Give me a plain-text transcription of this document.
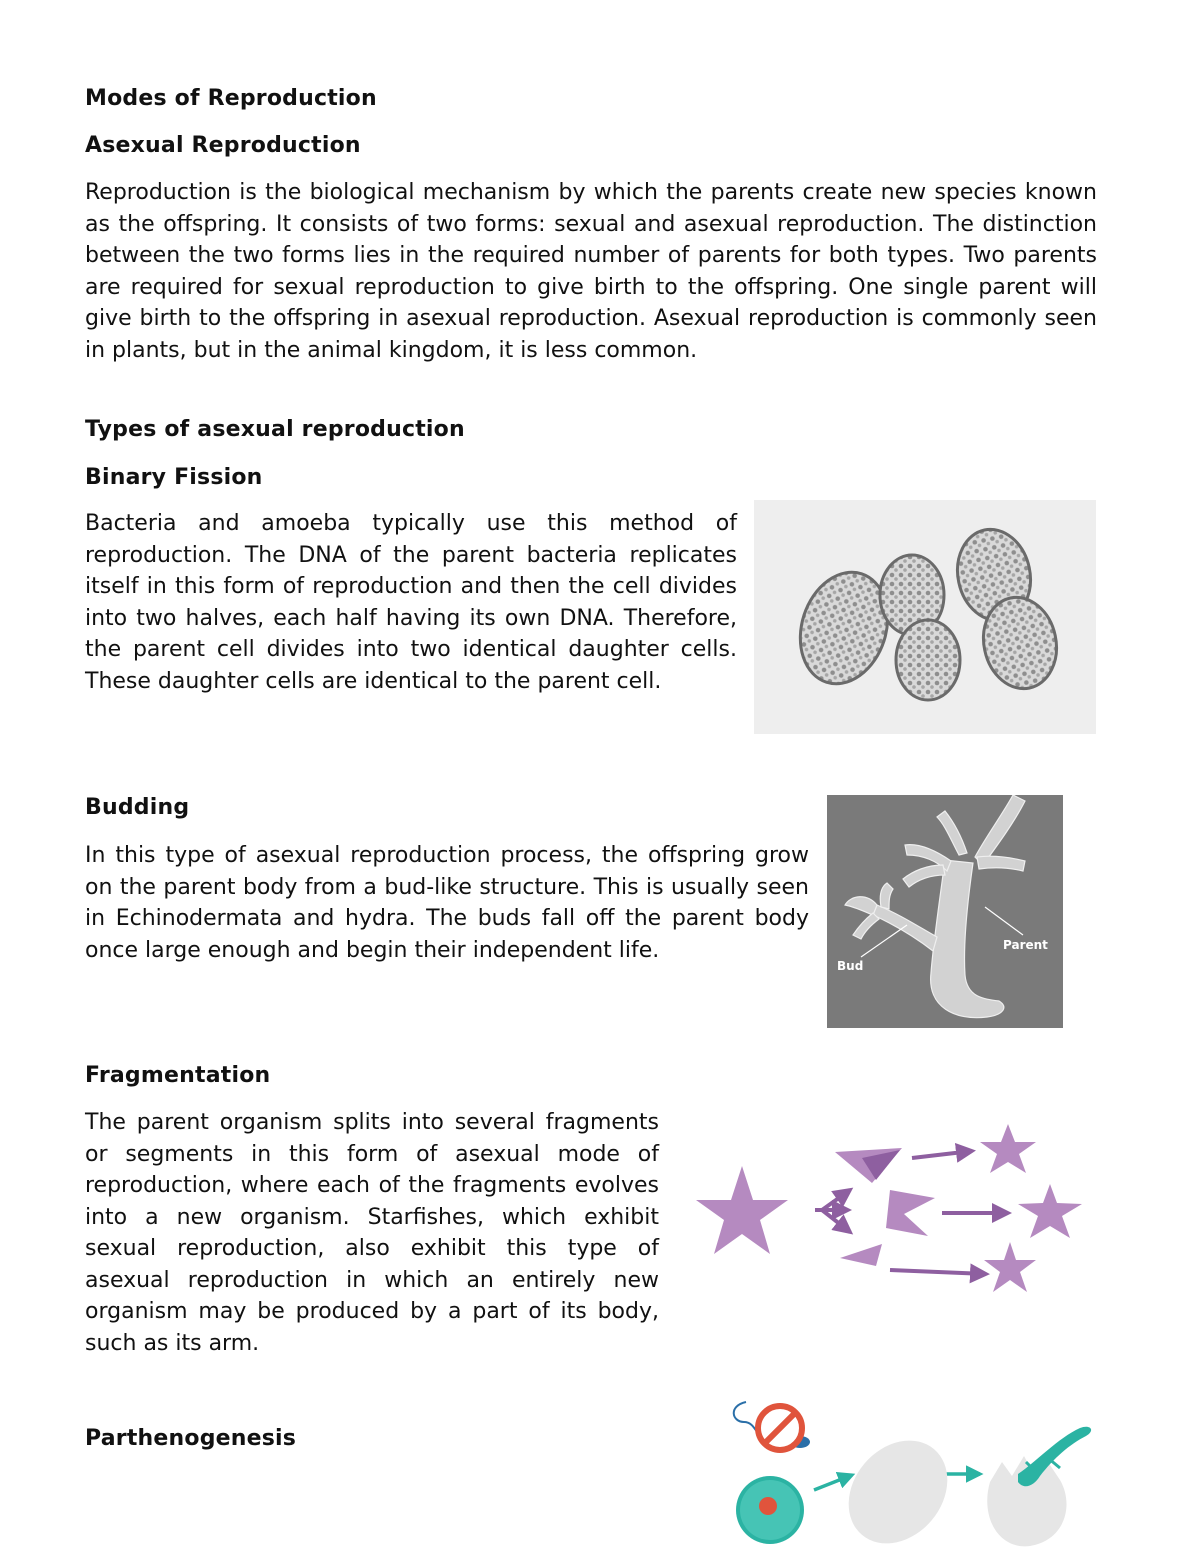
Modes of Reproduction
Asexual Reproduction

Reproduction is the biological mechanism by which the parents create new species known as the offspring. It consists of two forms: sexual and asexual reproduction. The distinction between the two forms lies in the required number of parents for both types. Two parents are required for sexual reproduction to give birth to the offspring. One single parent will give birth to the offspring in asexual reproduction. Asexual reproduction is commonly seen in plants, but in the animal kingdom, it is less common.

Types of asexual reproduction
Binary Fission

Bacteria and amoeba typically use this method of reproduction. The DNA of the parent bacteria replicates itself in this form of reproduction and then the cell divides into two halves, each half having its own DNA. Therefore, the parent cell divides into two identical daughter cells. These daughter cells are identical to the parent cell.

Budding

In this type of asexual reproduction process, the offspring grow on the parent body from a bud-like structure. This is usually seen in Echinodermata and hydra. The buds fall off the parent body once large enough and begin their independent life.	Parent
Bud
Fragmentation

The parent organism splits into several fragments or segments in this form of asexual mode of reproduction, where each of the fragments evolves into a new organism. Starfishes, which exhibit sexual reproduction, also exhibit this type of asexual reproduction in which an entirely new organism may be produced by a part of its body, such as its arm.

Parthenogenesis
